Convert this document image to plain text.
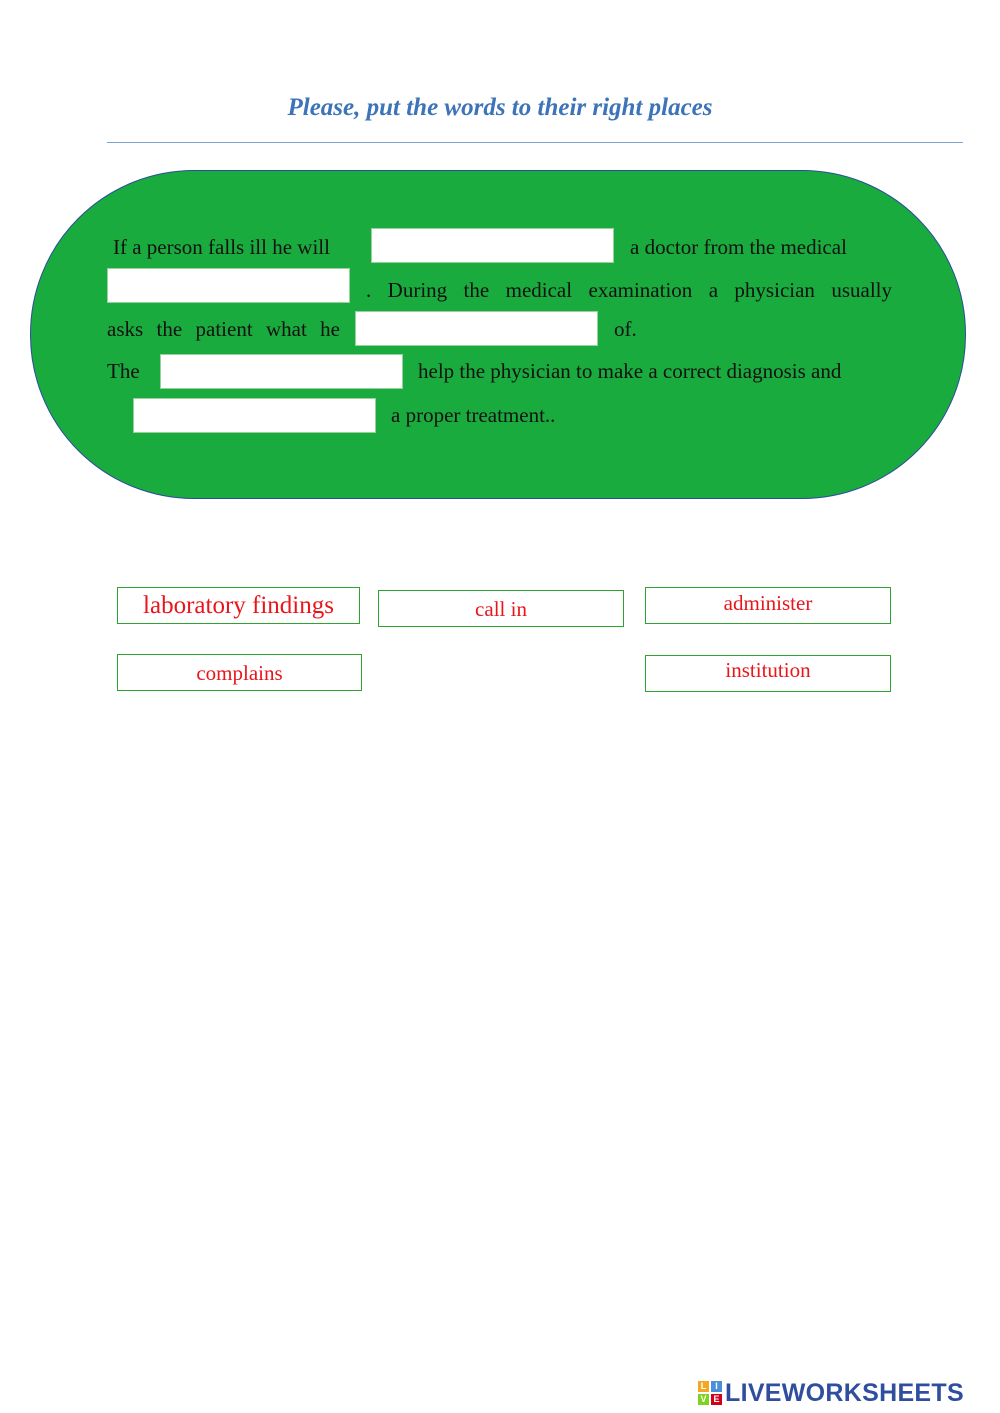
Please, put the words to their right places
If a person falls ill he will	a doctor from the medical
. During the medical examination a physician usually
asks the patient what he	of.
The	help the physician to make a correct diagnosis and
a proper treatment..
laboratory findings	call in	administer
complains	institution
L I
V E LIVEWORKSHEETS
